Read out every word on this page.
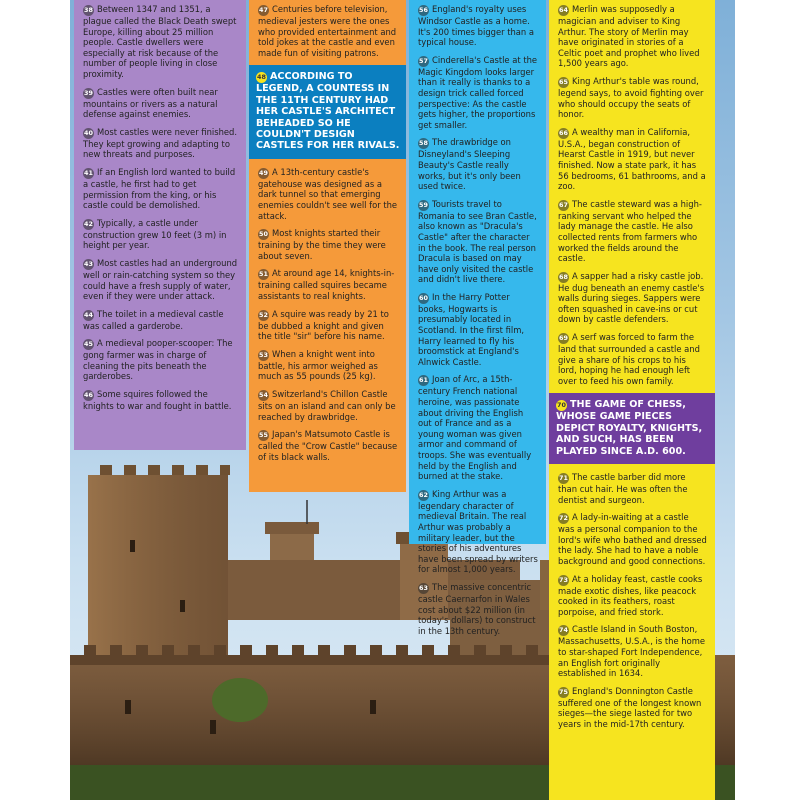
38 Between 1347 and 1351, a plague called the Black Death swept Europe, killing about 25 million people. Castle dwellers were especially at risk because of the number of people living in close proximity.
39 Castles were often built near mountains or rivers as a natural defense against enemies.
40 Most castles were never finished. They kept growing and adapting to new threats and purposes.
41 If an English lord wanted to build a castle, he first had to get permission from the king, or his castle could be demolished.
42 Typically, a castle under construction grew 10 feet (3 m) in height per year.
43 Most castles had an underground well or rain-catching system so they could have a fresh supply of water, even if they were under attack.
44 The toilet in a medieval castle was called a garderobe.
45 A medieval pooper-scooper: The gong farmer was in charge of cleaning the pits beneath the garderobes.
46 Some squires followed the knights to war and fought in battle.
47 Centuries before television, medieval jesters were the ones who provided entertainment and told jokes at the castle and even made fun of visiting patrons.
48 ACCORDING TO LEGEND, A COUNTESS IN THE 11TH CENTURY HAD HER CASTLE'S ARCHITECT BEHEADED SO HE COULDN'T DESIGN CASTLES FOR HER RIVALS.
49 A 13th-century castle's gatehouse was designed as a dark tunnel so that emerging enemies couldn't see well for the attack.
50 Most knights started their training by the time they were about seven.
51 At around age 14, knights-in-training called squires became assistants to real knights.
52 A squire was ready by 21 to be dubbed a knight and given the title "sir" before his name.
53 When a knight went into battle, his armor weighed as much as 55 pounds (25 kg).
54 Switzerland's Chillon Castle sits on an island and can only be reached by drawbridge.
55 Japan's Matsumoto Castle is called the "Crow Castle" because of its black walls.
56 England's royalty uses Windsor Castle as a home. It's 200 times bigger than a typical house.
57 Cinderella's Castle at the Magic Kingdom looks larger than it really is thanks to a design trick called forced perspective: As the castle gets higher, the proportions get smaller.
58 The drawbridge on Disneyland's Sleeping Beauty's Castle really works, but it's only been used twice.
59 Tourists travel to Romania to see Bran Castle, also known as "Dracula's Castle" after the character in the book. The real person Dracula is based on may have only visited the castle and didn't live there.
60 In the Harry Potter books, Hogwarts is presumably located in Scotland. In the first film, Harry learned to fly his broomstick at England's Alnwick Castle.
61 Joan of Arc, a 15th-century French national heroine, was passionate about driving the English out of France and as a young woman was given armor and command of troops. She was eventually held by the English and burned at the stake.
62 King Arthur was a legendary character of medieval Britain. The real Arthur was probably a military leader, but the stories of his adventures have been spread by writers for almost 1,000 years.
63 The massive concentric castle Caernarfon in Wales cost about $22 million (in today's dollars) to construct in the 13th century.
64 Merlin was supposedly a magician and adviser to King Arthur. The story of Merlin may have originated in stories of a Celtic poet and prophet who lived 1,500 years ago.
65 King Arthur's table was round, legend says, to avoid fighting over who should occupy the seats of honor.
66 A wealthy man in California, U.S.A., began construction of Hearst Castle in 1919, but never finished. Now a state park, it has 56 bedrooms, 61 bathrooms, and a zoo.
67 The castle steward was a high-ranking servant who helped the lady manage the castle. He also collected rents from farmers who worked the fields around the castle.
68 A sapper had a risky castle job. He dug beneath an enemy castle's walls during sieges. Sappers were often squashed in cave-ins or cut down by castle defenders.
69 A serf was forced to farm the land that surrounded a castle and give a share of his crops to his lord, hoping he had enough left over to feed his own family.
70 THE GAME OF CHESS, WHOSE GAME PIECES DEPICT ROYALTY, KNIGHTS, AND SUCH, HAS BEEN PLAYED SINCE A.D. 600.
71 The castle barber did more than cut hair. He was often the dentist and surgeon.
72 A lady-in-waiting at a castle was a personal companion to the lord's wife who bathed and dressed the lady. She had to have a noble background and good connections.
73 At a holiday feast, castle cooks made exotic dishes, like peacock cooked in its feathers, roast porpoise, and fried stork.
74 Castle Island in South Boston, Massachusetts, U.S.A., is the home to star-shaped Fort Independence, an English fort originally established in 1634.
75 England's Donnington Castle suffered one of the longest known sieges—the siege lasted for two years in the mid-17th century.
